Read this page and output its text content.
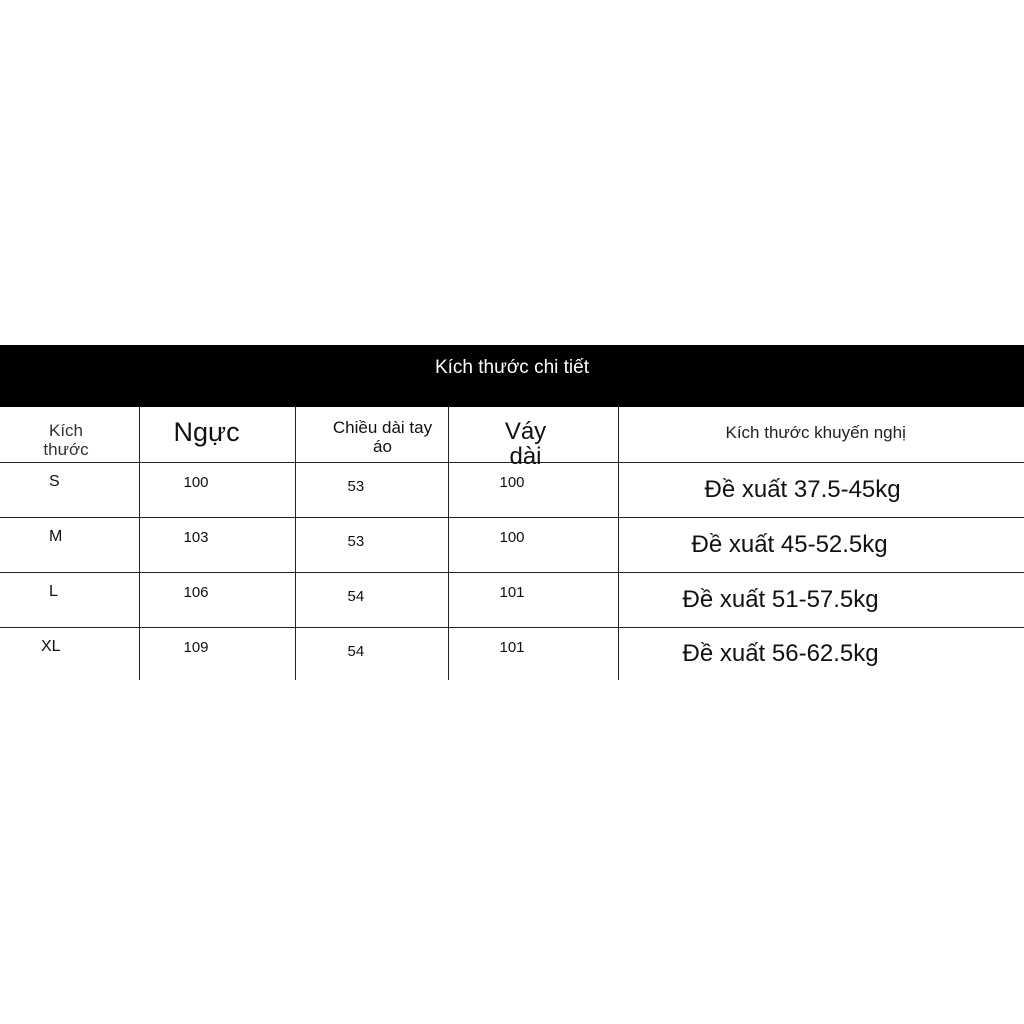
Kích thước chi tiết
Kích thước	Ngực	Chiều dài tay áo	Váy dài	Kích thước khuyến nghị

S	100	53	100	Đề xuất 37.5-45kg

M	103	53	100	Đề xuất 45-52.5kg

L	106	54	101	Đề xuất 51-57.5kg

XL	109	54	101	Đề xuất 56-62.5kg
